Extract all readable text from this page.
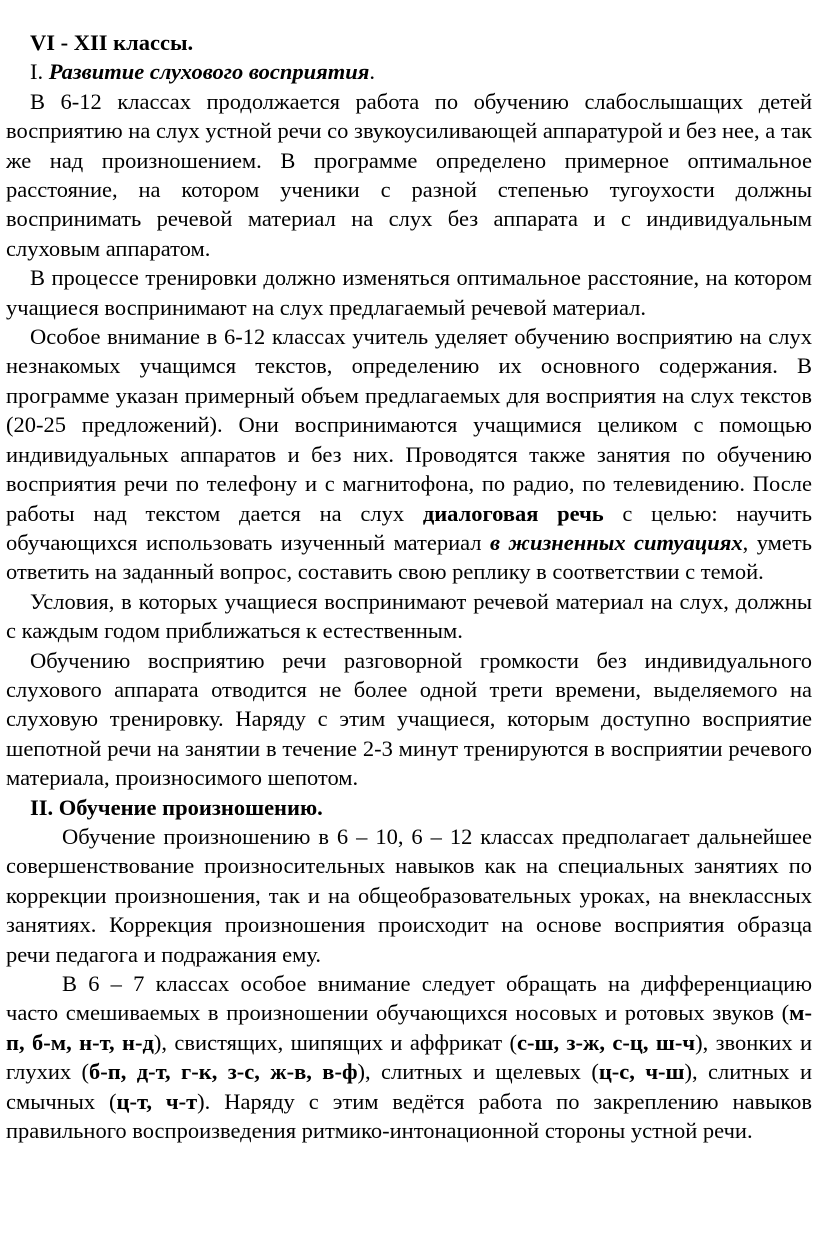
VI - XII классы.

I. Развитие слухового восприятия.

В 6-12 классах продолжается работа по обучению слабослышащих детей восприятию на слух устной речи со звукоусиливающей аппаратурой и без нее, а так же над произношением. В программе определено примерное оптимальное расстояние, на котором ученики с разной степенью тугоухости должны воспринимать речевой материал на слух без аппарата и с индивидуальным слуховым аппаратом.

В процессе тренировки должно изменяться оптимальное расстояние, на котором учащиеся воспринимают на слух предлагаемый речевой материал.

Особое внимание в 6-12 классах учитель уделяет обучению восприятию на слух незнакомых учащимся текстов, определению их основного содержания. В программе указан примерный объем предлагаемых для восприятия на слух текстов (20-25 предложений). Они воспринимаются учащимися целиком с помощью индивидуальных аппаратов и без них. Проводятся также занятия по обучению восприятия речи по телефону и с магнитофона, по радио, по телевидению. После работы над текстом дается на слух диалоговая речь с целью: научить обучающихся использовать изученный материал в жизненных ситуациях, уметь ответить на заданный вопрос, составить свою реплику в соответствии с темой.

Условия, в которых учащиеся воспринимают речевой материал на слух, должны с каждым годом приближаться к естественным.

Обучению восприятию речи разговорной громкости без индивидуального слухового аппарата отводится не более одной трети времени, выделяемого на слуховую тренировку. Наряду с этим учащиеся, которым доступно восприятие шепотной речи на занятии в течение 2-3 минут тренируются в восприятии речевого материала, произносимого шепотом.

II. Обучение произношению.

Обучение произношению в 6 – 10, 6 – 12 классах предполагает дальнейшее совершенствование произносительных навыков как на специальных занятиях по коррекции произношения, так и на общеобразовательных уроках, на внеклассных занятиях. Коррекция произношения происходит на основе восприятия образца речи педагога и подражания ему.

В 6 – 7 классах особое внимание следует обращать на дифференциацию часто смешиваемых в произношении обучающихся носовых и ротовых звуков (м-п, б-м, н-т, н-д), свистящих, шипящих и аффрикат (с-ш, з-ж, с-ц, ш-ч), звонких и глухих (б-п, д-т, г-к, з-с, ж-в, в-ф), слитных и щелевых (ц-с, ч-ш), слитных и смычных (ц-т, ч-т). Наряду с этим ведётся работа по закреплению навыков правильного воспроизведения ритмико-интонационной стороны устной речи.
